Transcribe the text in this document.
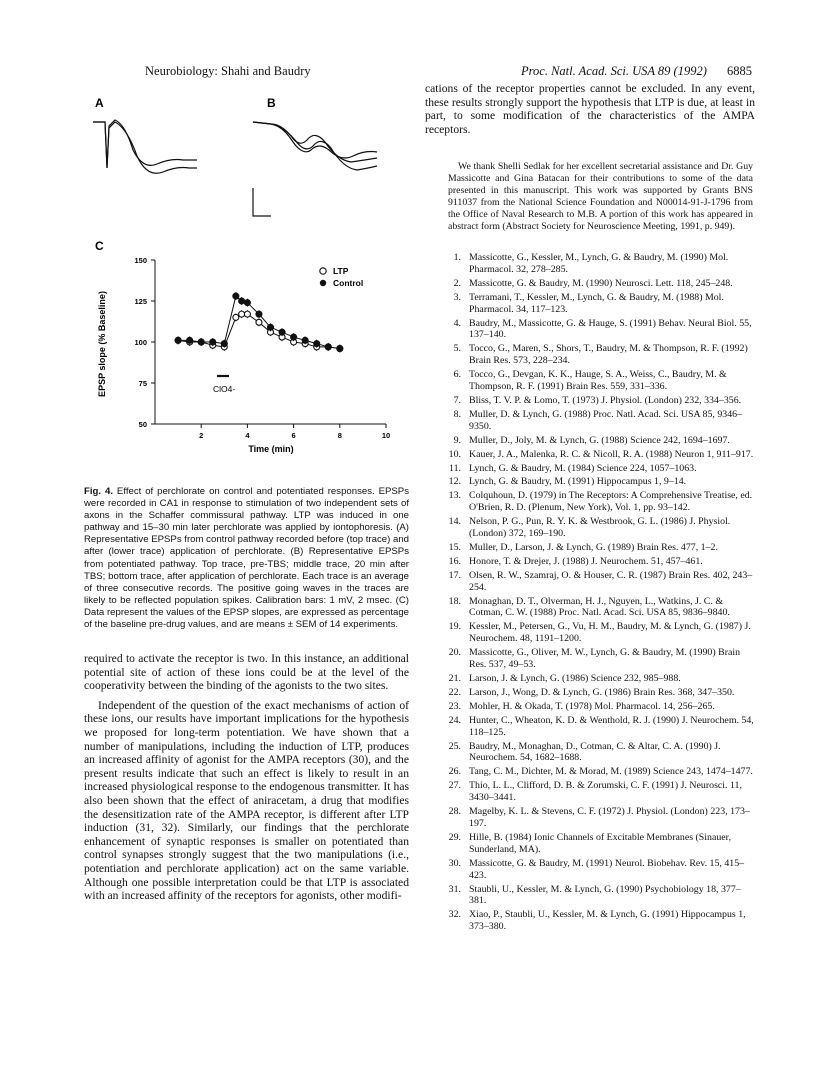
Neurobiology: Shahi and Baudry	Proc. Natl. Acad. Sci. USA 89 (1992) 6885
A	B
C
50
75
100
125
150
2	4	6	8	10
EPSP slope (% Baseline)
Time (min)
ClO4-
LTP
Control
Fig. 4. Effect of perchlorate on control and potentiated responses. EPSPs were recorded in CA1 in response to stimulation of two independent sets of axons in the Schaffer commissural pathway. LTP was induced in one pathway and 15–30 min later perchlorate was applied by iontophoresis. (A) Representative EPSPs from control pathway recorded before (top trace) and after (lower trace) application of perchlorate. (B) Representative EPSPs from potentiated pathway. Top trace, pre-TBS; middle trace, 20 min after TBS; bottom trace, after application of perchlorate. Each trace is an average of three consecutive records. The positive going waves in the traces are likely to be reflected population spikes. Calibration bars: 1 mV, 2 msec. (C) Data represent the values of the EPSP slopes, are expressed as percentage of the baseline pre-drug values, and are means ± SEM of 14 experiments.

required to activate the receptor is two. In this instance, an additional potential site of action of these ions could be at the level of the cooperativity between the binding of the agonists to the two sites.

Independent of the question of the exact mechanisms of action of these ions, our results have important implications for the hypothesis we proposed for long-term potentiation. We have shown that a number of manipulations, including the induction of LTP, produces an increased affinity of agonist for the AMPA receptors (30), and the present results indicate that such an effect is likely to result in an increased physiological response to the endogenous transmitter. It has also been shown that the effect of aniracetam, a drug that modifies the desensitization rate of the AMPA receptor, is different after LTP induction (31, 32). Similarly, our findings that the perchlorate enhancement of synaptic responses is smaller on potentiated than control synapses strongly suggest that the two manipulations (i.e., potentiation and perchlorate application) act on the same variable. Although one possible interpretation could be that LTP is associated with an increased affinity of the receptors for agonists, other modifi-

cations of the receptor properties cannot be excluded. In any event, these results strongly support the hypothesis that LTP is due, at least in part, to some modification of the characteristics of the AMPA receptors.

We thank Shelli Sedlak for her excellent secretarial assistance and Dr. Guy Massicotte and Gina Batacan for their contributions to some of the data presented in this manuscript. This work was supported by Grants BNS 911037 from the National Science Foundation and N00014-91-J-1796 from the Office of Naval Research to M.B. A portion of this work has appeared in abstract form (Abstract Society for Neuroscience Meeting, 1991, p. 949).
1. Massicotte, G., Kessler, M., Lynch, G. & Baudry, M. (1990) Mol. Pharmacol. 32, 278–285.
2. Massicotte, G. & Baudry, M. (1990) Neurosci. Lett. 118, 245–248.
3. Terramani, T., Kessler, M., Lynch, G. & Baudry, M. (1988) Mol. Pharmacol. 34, 117–123.
4. Baudry, M., Massicotte, G. & Hauge, S. (1991) Behav. Neural Biol. 55, 137–140.
5. Tocco, G., Maren, S., Shors, T., Baudry, M. & Thompson, R. F. (1992) Brain Res. 573, 228–234.
6. Tocco, G., Devgan, K. K., Hauge, S. A., Weiss, C., Baudry, M. & Thompson, R. F. (1991) Brain Res. 559, 331–336.
7. Bliss, T. V. P. & Lomo, T. (1973) J. Physiol. (London) 232, 334–356.
8. Muller, D. & Lynch, G. (1988) Proc. Natl. Acad. Sci. USA 85, 9346–9350.
9. Muller, D., Joly, M. & Lynch, G. (1988) Science 242, 1694–1697.
10. Kauer, J. A., Malenka, R. C. & Nicoll, R. A. (1988) Neuron 1, 911–917.
11. Lynch, G. & Baudry, M. (1984) Science 224, 1057–1063.
12. Lynch, G. & Baudry, M. (1991) Hippocampus 1, 9–14.
13. Colquhoun, D. (1979) in The Receptors: A Comprehensive Treatise, ed. O'Brien, R. D. (Plenum, New York), Vol. 1, pp. 93–142.
14. Nelson, P. G., Pun, R. Y. K. & Westbrook, G. L. (1986) J. Physiol. (London) 372, 169–190.
15. Muller, D., Larson, J. & Lynch, G. (1989) Brain Res. 477, 1–2.
16. Honore, T. & Drejer, J. (1988) J. Neurochem. 51, 457–461.
17. Olsen, R. W., Szamraj, O. & Houser, C. R. (1987) Brain Res. 402, 243–254.
18. Monaghan, D. T., Olverman, H. J., Nguyen, L., Watkins, J. C. & Cotman, C. W. (1988) Proc. Natl. Acad. Sci. USA 85, 9836–9840.
19. Kessler, M., Petersen, G., Vu, H. M., Baudry, M. & Lynch, G. (1987) J. Neurochem. 48, 1191–1200.
20. Massicotte, G., Oliver, M. W., Lynch, G. & Baudry, M. (1990) Brain Res. 537, 49–53.
21. Larson, J. & Lynch, G. (1986) Science 232, 985–988.
22. Larson, J., Wong, D. & Lynch, G. (1986) Brain Res. 368, 347–350.
23. Mohler, H. & Okada, T. (1978) Mol. Pharmacol. 14, 256–265.
24. Hunter, C., Wheaton, K. D. & Wenthold, R. J. (1990) J. Neurochem. 54, 118–125.
25. Baudry, M., Monaghan, D., Cotman, C. & Altar, C. A. (1990) J. Neurochem. 54, 1682–1688.
26. Tang, C. M., Dichter, M. & Morad, M. (1989) Science 243, 1474–1477.
27. Thio, L. L., Clifford, D. B. & Zorumski, C. F. (1991) J. Neurosci. 11, 3430–3441.
28. Magelby, K. L. & Stevens, C. F. (1972) J. Physiol. (London) 223, 173–197.
29. Hille, B. (1984) Ionic Channels of Excitable Membranes (Sinauer, Sunderland, MA).
30. Massicotte, G. & Baudry, M. (1991) Neurol. Biobehav. Rev. 15, 415–423.
31. Staubli, U., Kessler, M. & Lynch, G. (1990) Psychobiology 18, 377–381.
32. Xiao, P., Staubli, U., Kessler, M. & Lynch, G. (1991) Hippocampus 1, 373–380.
